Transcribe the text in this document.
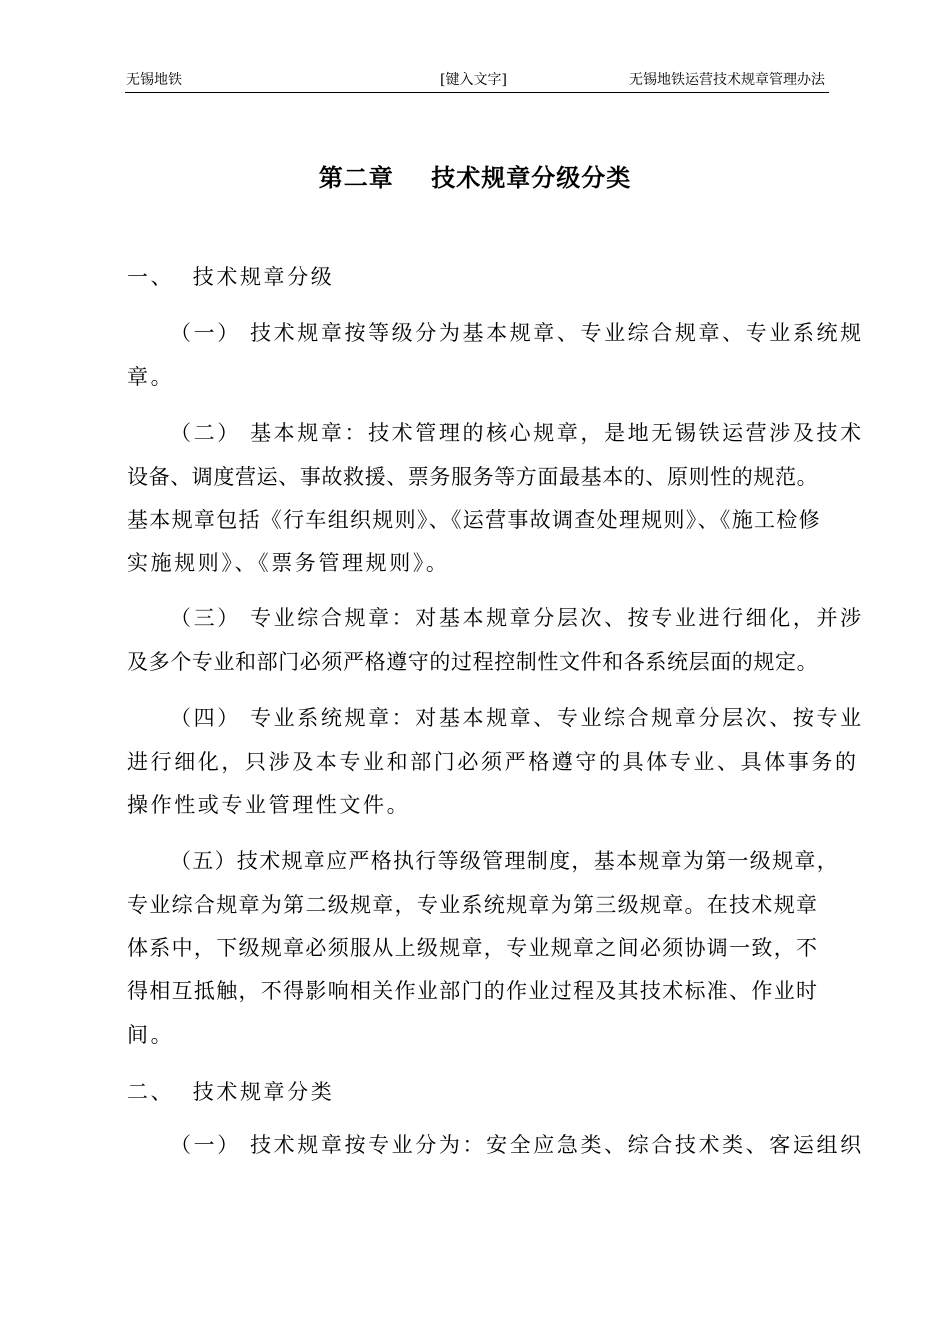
无锡地铁	[键入文字]	无锡地铁运营技术规章管理办法
第二章    技术规章分级分类
一、  技术规章分级
（一） 技术规章按等级分为基本规章、专业综合规章、专业系统规
章。
（二） 基本规章：技术管理的核心规章，是地无锡铁运营涉及技术
设备、调度营运、事故救援、票务服务等方面最基本的、原则性的规范。
基本规章包括《行车组织规则》、《运营事故调查处理规则》、《施工检修
实施规则》、《票务管理规则》。
（三） 专业综合规章：对基本规章分层次、按专业进行细化，并涉
及多个专业和部门必须严格遵守的过程控制性文件和各系统层面的规定。
（四） 专业系统规章：对基本规章、专业综合规章分层次、按专业
进行细化，只涉及本专业和部门必须严格遵守的具体专业、具体事务的
操作性或专业管理性文件。
（五）技术规章应严格执行等级管理制度，基本规章为第一级规章，
专业综合规章为第二级规章，专业系统规章为第三级规章。在技术规章
体系中，下级规章必须服从上级规章，专业规章之间必须协调一致，不
得相互抵触，不得影响相关作业部门的作业过程及其技术标准、作业时
间。
二、  技术规章分类
（一） 技术规章按专业分为：安全应急类、综合技术类、客运组织
